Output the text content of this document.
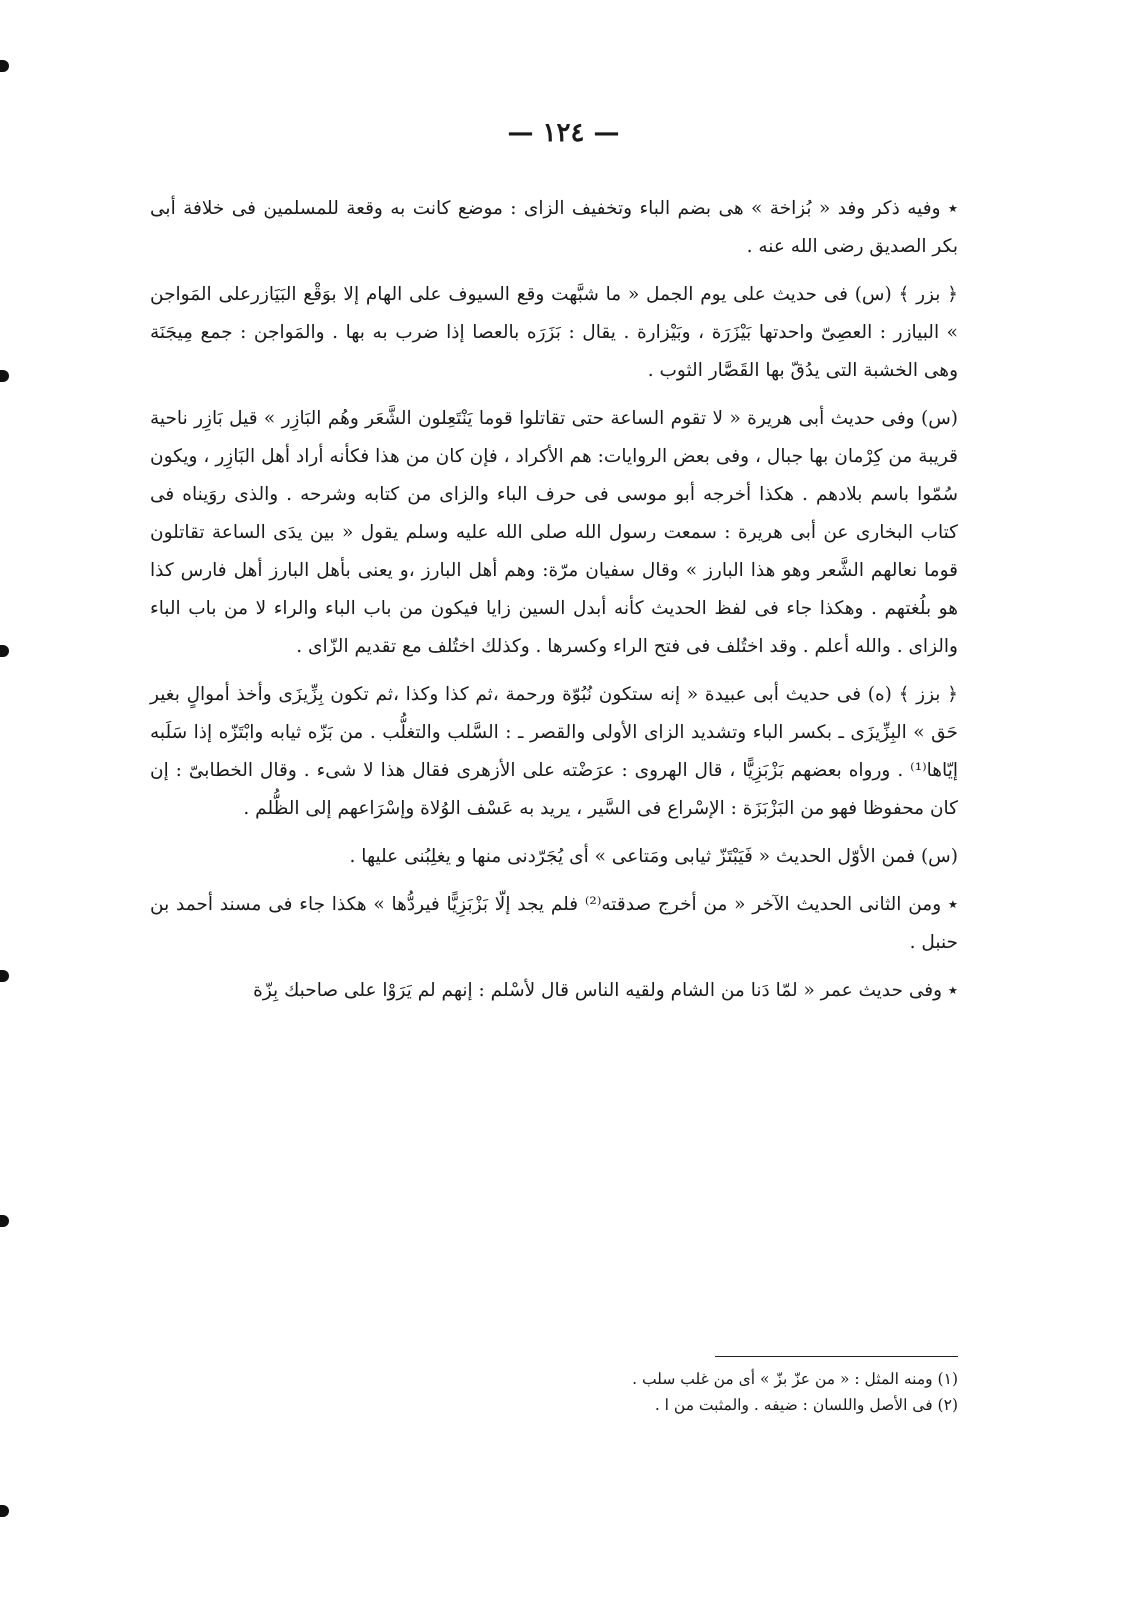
— ١٢٤ —

٭ وفيه ذكر وفد « بُزاخة » هى بضم الباء وتخفيف الزاى : موضع كانت به وقعة للمسلمين فى خلافة أبى بكر الصديق رضى الله عنه .

﴿ بزر ﴾ (س) فى حديث على يوم الجمل « ما شبَّهت وقع السيوف على الهام إلا بوَقْع البَيَازرعلى المَواجن » البيازر : العصِىّ واحدتها بَيْزَرَة ، وبَيْزارة . يقال : بَزَرَه بالعصا إذا ضرب به بها . والمَواجن : جمع مِيجَنَة وهى الخشبة التى يدُقّ بها القَصَّار الثوب .

(س) وفى حديث أبى هريرة « لا تقوم الساعة حتى تقاتلوا قوما يَنْتَعِلون الشَّعَر وهُم البَازِر » قيل بَازِر ناحية قريبة من كِرْمان بها جبال ، وفى بعض الروايات: هم الأكراد ، فإن كان من هذا فكأنه أراد أهل البَازِر ، ويكون سُمّوا باسم بلادهم . هكذا أخرجه أبو موسى فى حرف الباء والزاى من كتابه وشرحه . والذى روَيناه فى كتاب البخارى عن أبى هريرة : سمعت رسول الله صلى الله عليه وسلم يقول « بين يدَى الساعة تقاتلون قوما نعالهم الشَّعر وهو هذا البارز » وقال سفيان مرّة: وهم أهل البارز ،و يعنى بأهل البارز أهل فارس كذا هو بلُغتهم . وهكذا جاء فى لفظ الحديث كأنه أبدل السين زايا فيكون من باب الباء والراء لا من باب الباء والزاى . والله أعلم . وقد اختُلف فى فتح الراء وكسرها . وكذلك اختُلف مع تقديم الزّاى .

﴿ بزز ﴾ (ه) فى حديث أبى عبيدة « إنه ستكون نُبُوّة ورحمة ،ثم كذا وكذا ،ثم تكون بِزِّيزَى وأخذ أموالٍ بغير حَق » البِزِّيزَى ـ بكسر الباء وتشديد الزاى الأولى والقصر ـ : السَّلب والتغلُّب . من بَزّه ثيابه وابْتَزّه إذا سَلَبه إيّاها⁽¹⁾ . ورواه بعضهم بَزْبَزِيًّا ، قال الهروى : عرَضْته على الأزهرى فقال هذا لا شىء . وقال الخطابىّ : إن كان محفوظا فهو من البَزْبَزَة : الإسْراع فى السَّير ، يريد به عَسْف الوُلاة وإسْرَاعهم إلى الظُّلم .

(س) فمن الأوّل الحديث « فَيَبْتَزّ ثيابى ومَتاعى » أى يُجَرّدنى منها و يغلِبُنى عليها .

٭ ومن الثانى الحديث الآخر « من أخرج صدقته⁽²⁾ فلم يجد إلّا بَزْبَزِيًّا فيردُّها » هكذا جاء فى مسند أحمد بن حنبل .

٭ وفى حديث عمر « لمّا دَنا من الشام ولقيه الناس قال لأسْلم : إنهم لم يَرَوْا على صاحبك بِزّة

(١) ومنه المثل : « من عزّ بزّ » أى من غلب سلب .

(٢) فى الأصل واللسان : ضيفه . والمثبت من ا .
